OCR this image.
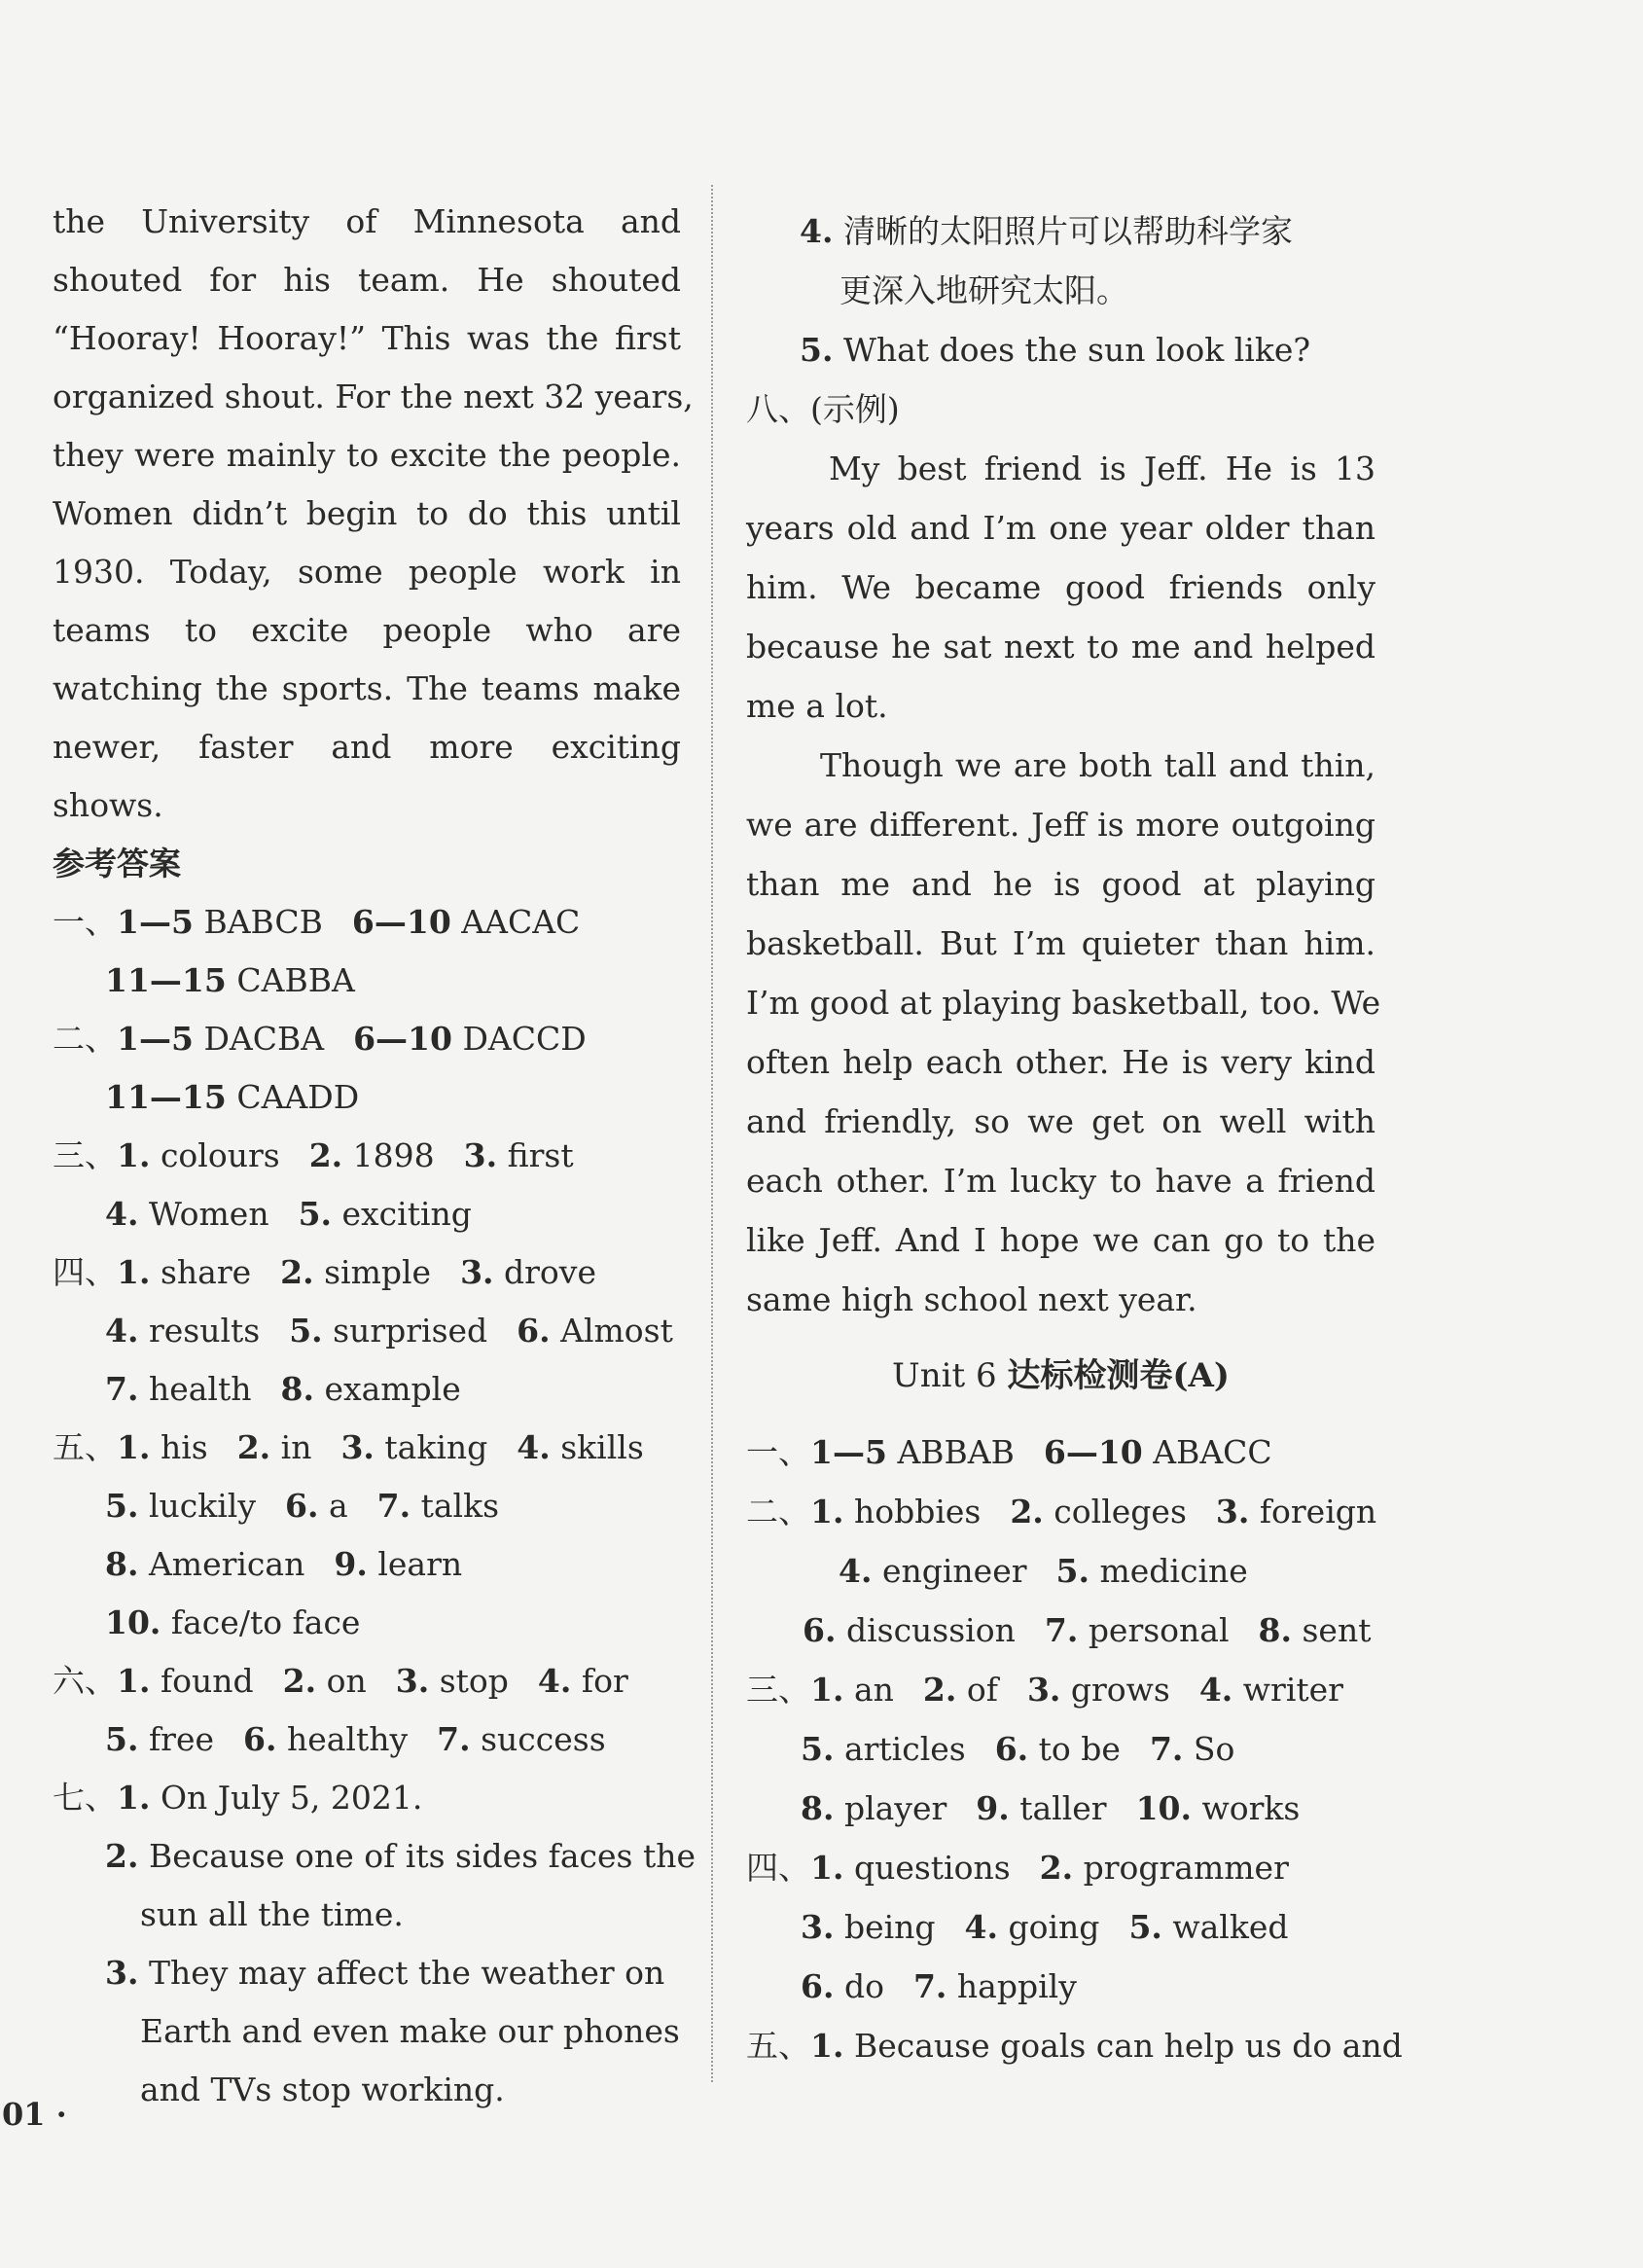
the University of Minnesota and
shouted for his team. He shouted
“Hooray! Hooray!” This was the first
organized shout. For the next 32 years,
they were mainly to excite the people.
Women didn’t begin to do this until
1930. Today, some people work in
teams to excite people who are
watching the sports. The teams make
newer, faster and more exciting
shows.
参考答案
一、1—5 BABCB 6—10 AACAC
11—15 CABBA
二、1—5 DACBA 6—10 DACCD
11—15 CAADD
三、1. colours 2. 1898 3. first
4. Women 5. exciting
四、1. share 2. simple 3. drove
4. results 5. surprised 6. Almost
7. health 8. example
五、1. his 2. in 3. taking 4. skills
5. luckily 6. a 7. talks
8. American 9. learn
10. face/to face
六、1. found 2. on 3. stop 4. for
5. free 6. healthy 7. success
七、1. On July 5, 2021.
2. Because one of its sides faces the
sun all the time.
3. They may affect the weather on
Earth and even make our phones
and TVs stop working.
4. 清晰的太阳照片可以帮助科学家
更深入地研究太阳。
5. What does the sun look like?
八、(示例)
My best friend is Jeff. He is 13
years old and I’m one year older than
him. We became good friends only
because he sat next to me and helped
me a lot.
Though we are both tall and thin,
we are different. Jeff is more outgoing
than me and he is good at playing
basketball. But I’m quieter than him.
I’m good at playing basketball, too. We
often help each other. He is very kind
and friendly, so we get on well with
each other. I’m lucky to have a friend
like Jeff. And I hope we can go to the
same high school next year.
Unit 6 达标检测卷(A)
一、1—5 ABBAB 6—10 ABACC
二、1. hobbies 2. colleges 3. foreign
4. engineer 5. medicine
6. discussion 7. personal 8. sent
三、1. an 2. of 3. grows 4. writer
5. articles 6. to be 7. So
8. player 9. taller 10. works
四、1. questions 2. programmer
3. being 4. going 5. walked
6. do 7. happily
五、1. Because goals can help us do and
01 ·
